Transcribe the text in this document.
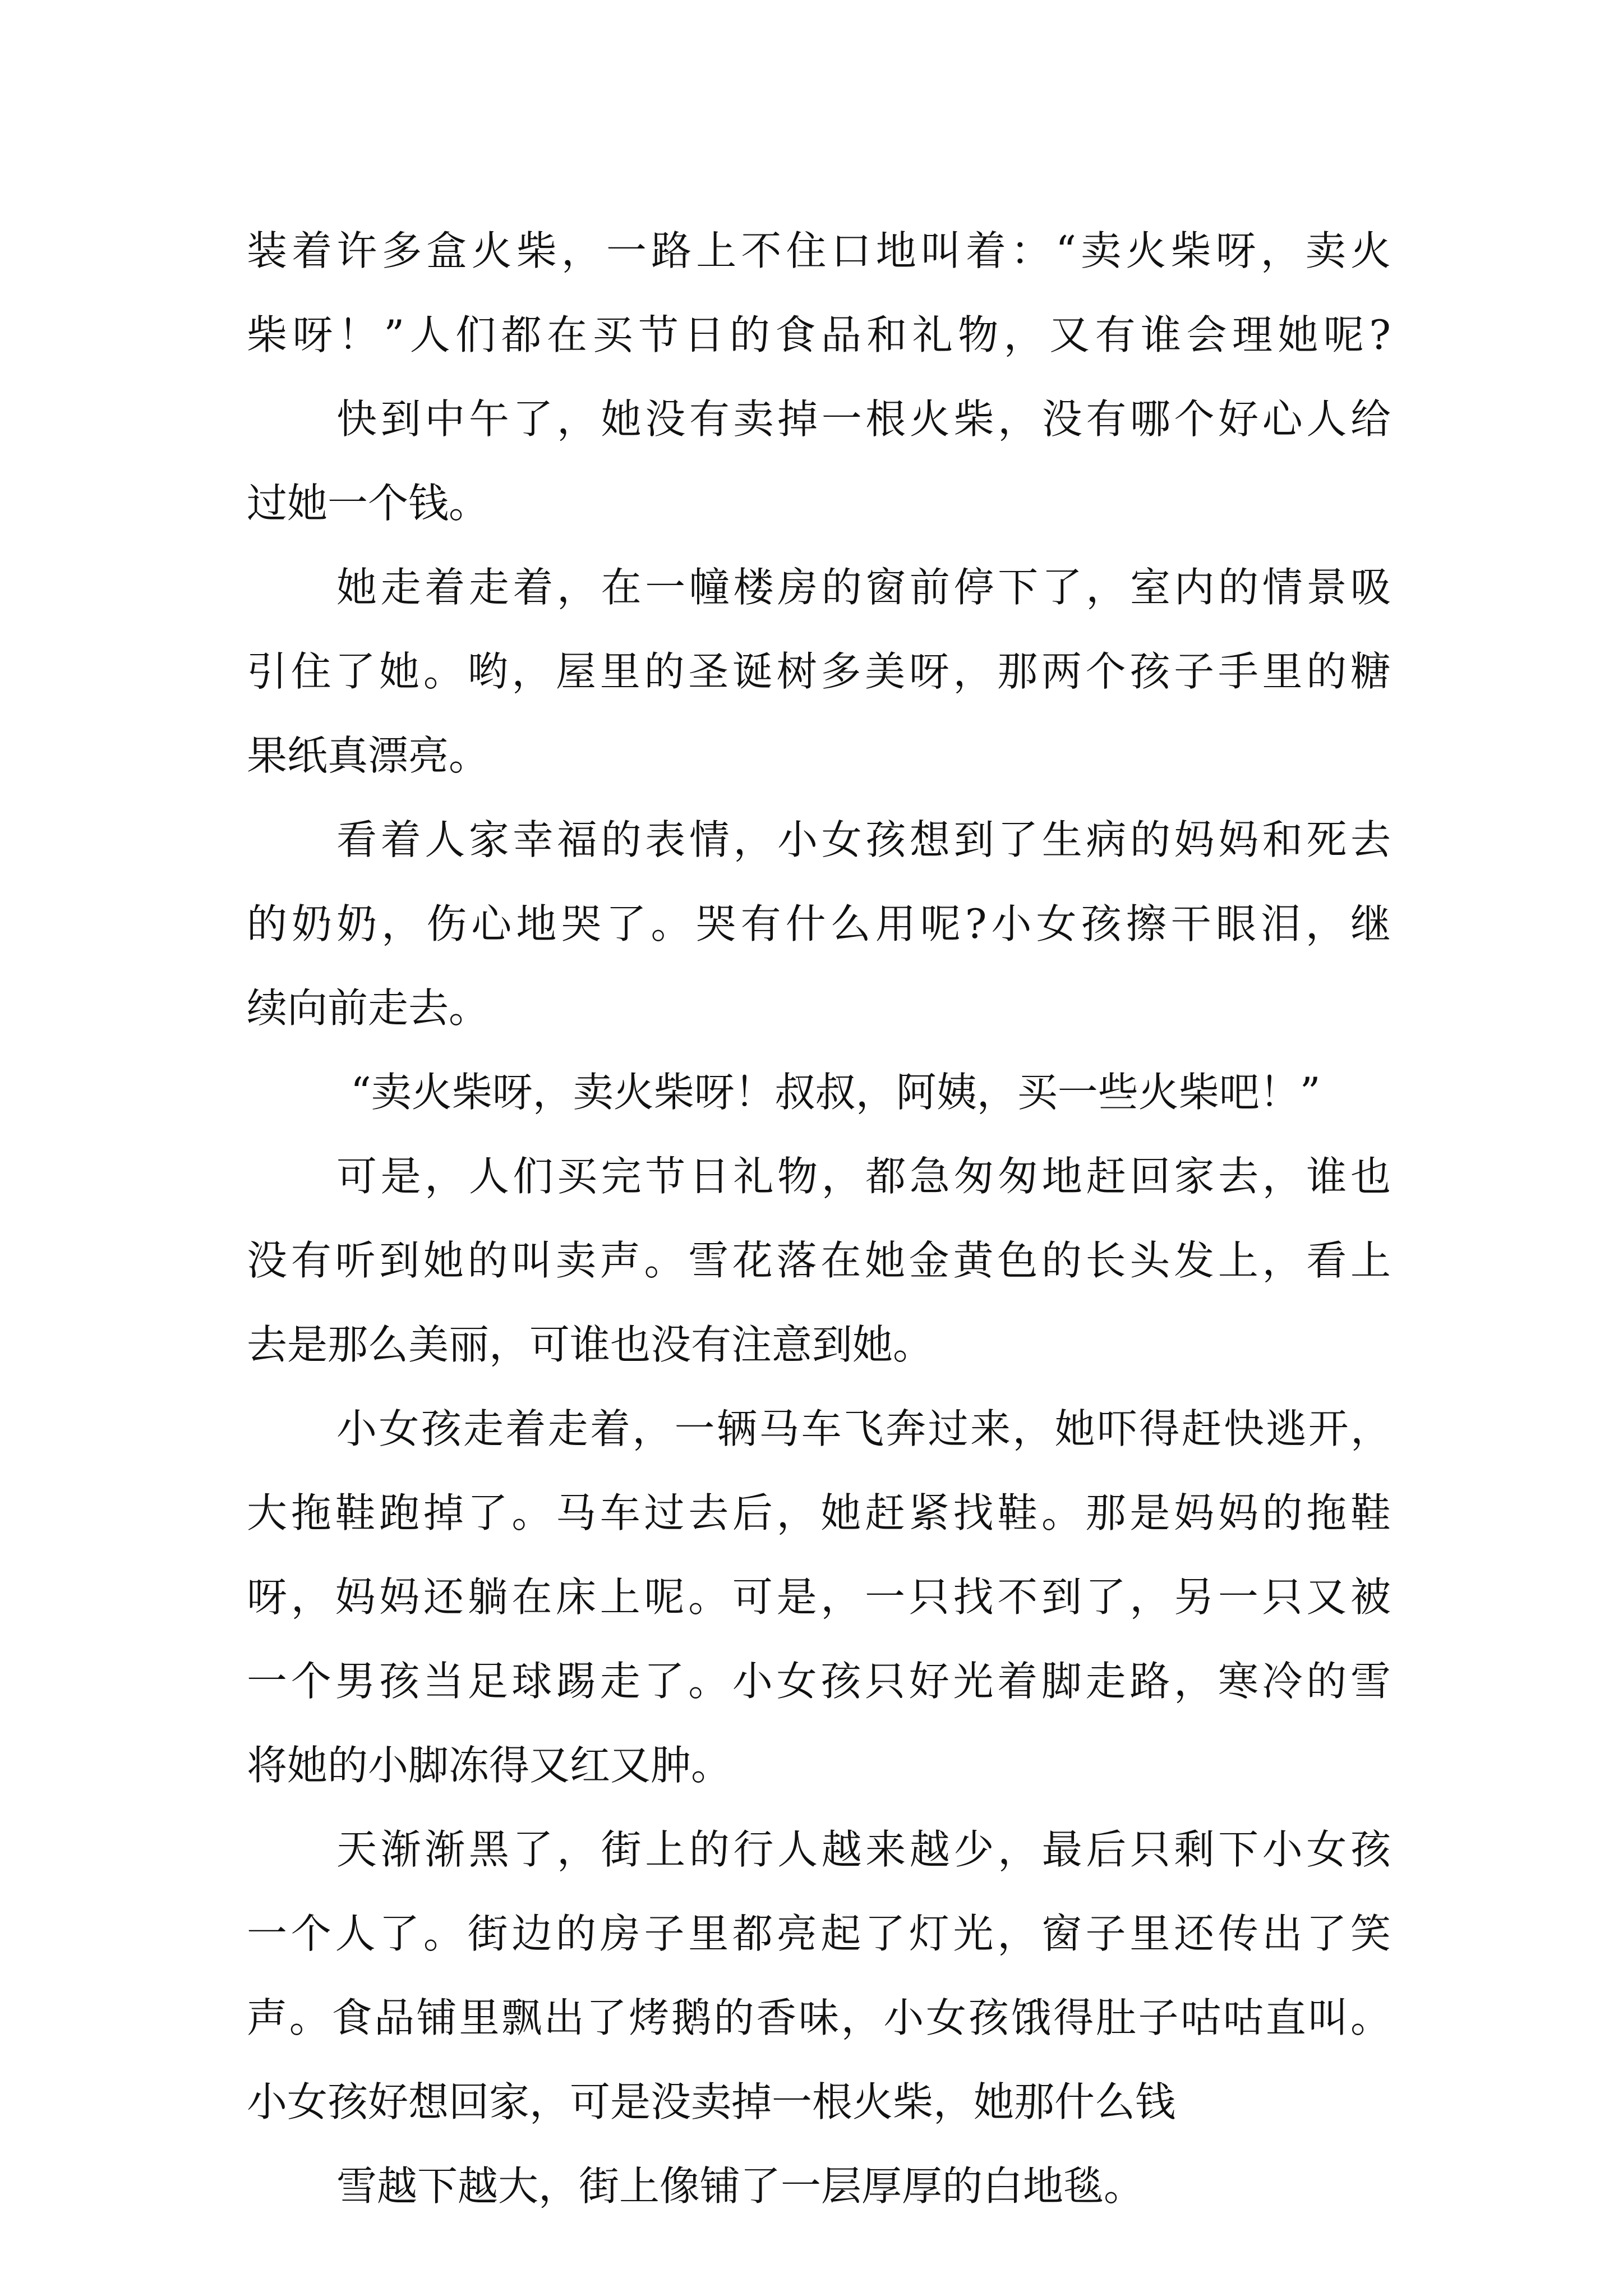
装着许多盒火柴，一路上不住口地叫着：“卖火柴呀，卖火
柴呀！”人们都在买节日的食品和礼物，又有谁会理她呢?
快到中午了，她没有卖掉一根火柴，没有哪个好心人给
过她一个钱。
她走着走着，在一幢楼房的窗前停下了，室内的情景吸
引住了她。哟，屋里的圣诞树多美呀，那两个孩子手里的糖
果纸真漂亮。
看着人家幸福的表情，小女孩想到了生病的妈妈和死去
的奶奶，伤心地哭了。哭有什么用呢?小女孩擦干眼泪，继
续向前走去。
“卖火柴呀，卖火柴呀！叔叔，阿姨，买一些火柴吧！”
可是，人们买完节日礼物，都急匆匆地赶回家去，谁也
没有听到她的叫卖声。雪花落在她金黄色的长头发上，看上
去是那么美丽，可谁也没有注意到她。
小女孩走着走着，一辆马车飞奔过来，她吓得赶快逃开，
大拖鞋跑掉了。马车过去后，她赶紧找鞋。那是妈妈的拖鞋
呀，妈妈还躺在床上呢。可是，一只找不到了，另一只又被
一个男孩当足球踢走了。小女孩只好光着脚走路，寒冷的雪
将她的小脚冻得又红又肿。
天渐渐黑了，街上的行人越来越少，最后只剩下小女孩
一个人了。街边的房子里都亮起了灯光，窗子里还传出了笑
声。食品铺里飘出了烤鹅的香味，小女孩饿得肚子咕咕直叫。
小女孩好想回家，可是没卖掉一根火柴，她那什么钱
雪越下越大，街上像铺了一层厚厚的白地毯。
